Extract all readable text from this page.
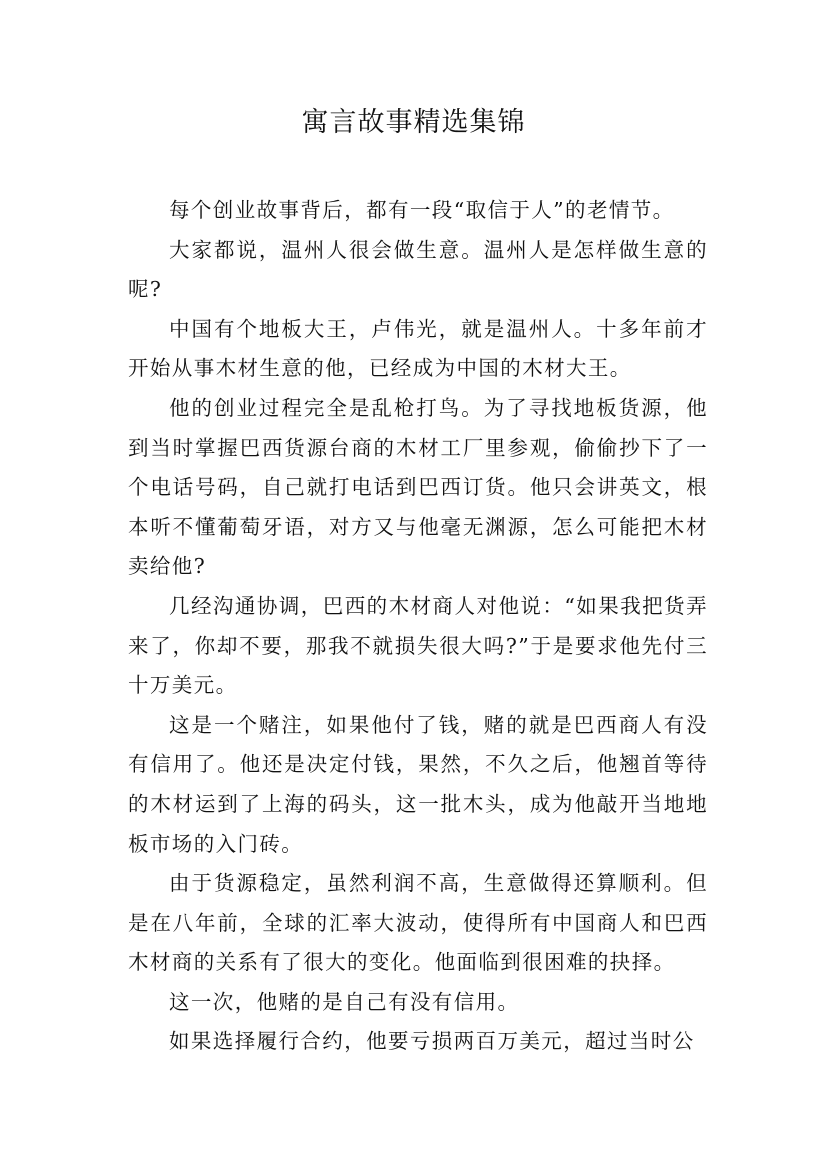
寓言故事精选集锦

每个创业故事背后，都有一段“取信于人”的老情节。

大家都说，温州人很会做生意。温州人是怎样做生意的呢?

中国有个地板大王，卢伟光，就是温州人。十多年前才开始从事木材生意的他，已经成为中国的木材大王。

他的创业过程完全是乱枪打鸟。为了寻找地板货源，他到当时掌握巴西货源台商的木材工厂里参观，偷偷抄下了一个电话号码，自己就打电话到巴西订货。他只会讲英文，根本听不懂葡萄牙语，对方又与他毫无渊源，怎么可能把木材卖给他?

几经沟通协调，巴西的木材商人对他说：“如果我把货弄来了，你却不要，那我不就损失很大吗?”于是要求他先付三十万美元。

这是一个赌注，如果他付了钱，赌的就是巴西商人有没有信用了。他还是决定付钱，果然，不久之后，他翘首等待的木材运到了上海的码头，这一批木头，成为他敲开当地地板市场的入门砖。

由于货源稳定，虽然利润不高，生意做得还算顺利。但是在八年前，全球的汇率大波动，使得所有中国商人和巴西木材商的关系有了很大的变化。他面临到很困难的抉择。

这一次，他赌的是自己有没有信用。

如果选择履行合约，他要亏损两百万美元，超过当时公
